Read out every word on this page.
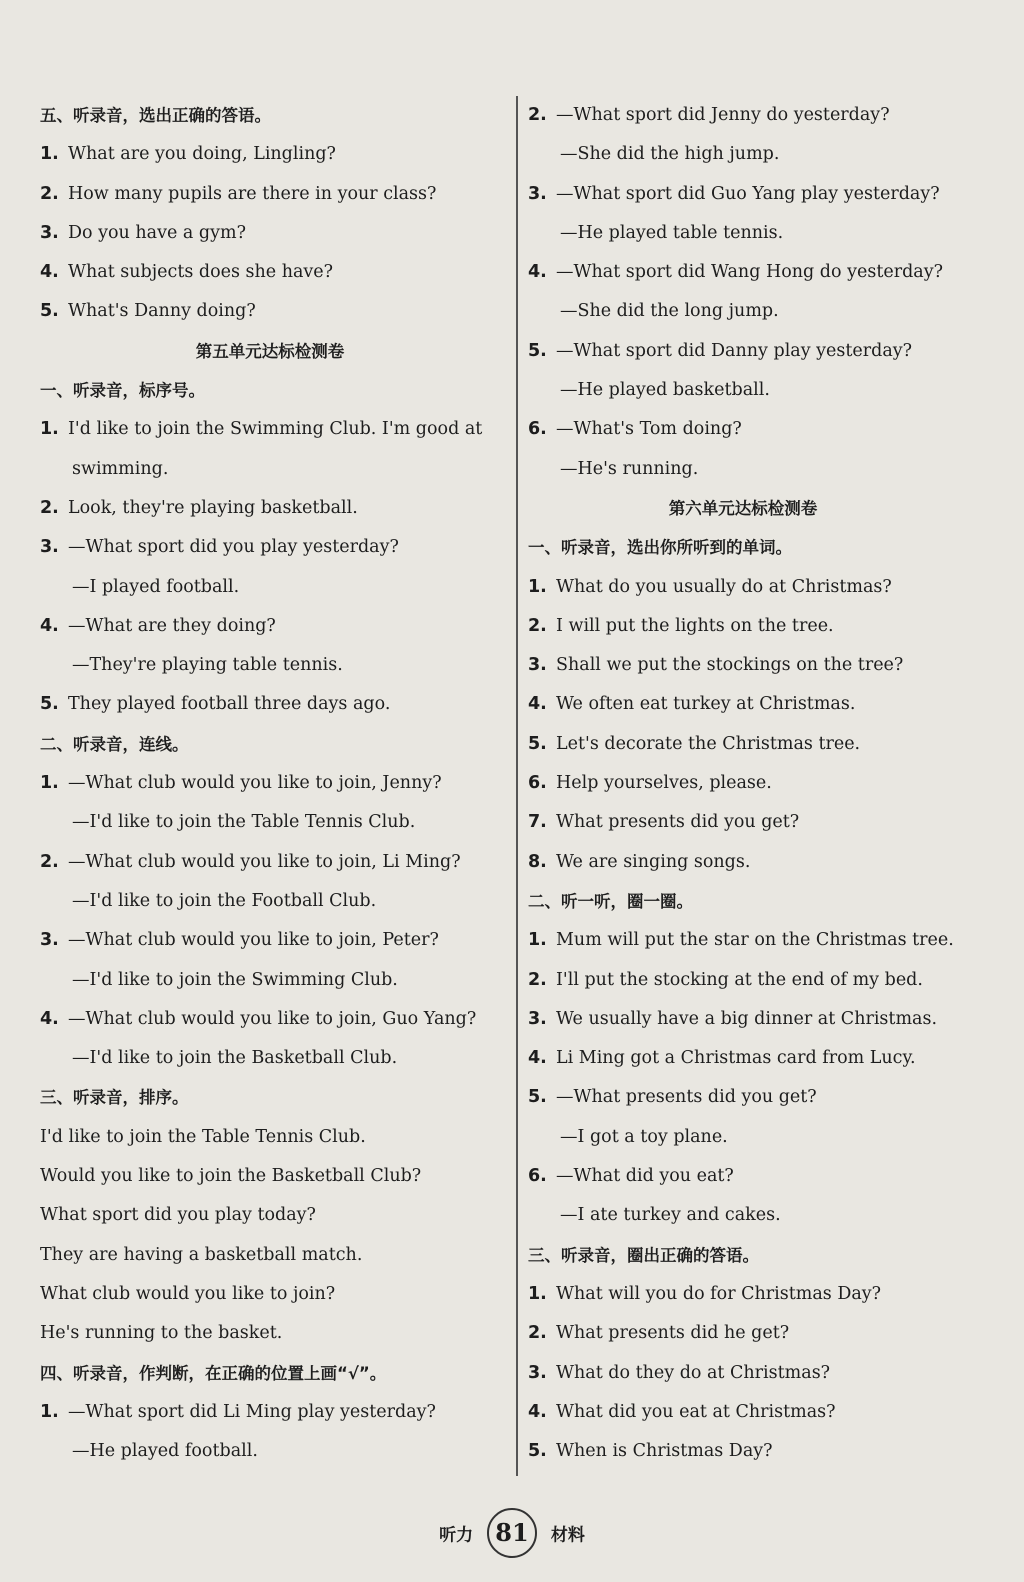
五、听录音，选出正确的答语。
1. What are you doing, Lingling?
2. How many pupils are there in your class?
3. Do you have a gym?
4. What subjects does she have?
5. What's Danny doing?
第五单元达标检测卷
一、听录音，标序号。
1. I'd like to join the Swimming Club. I'm good at
swimming.
2. Look, they're playing basketball.
3. —What sport did you play yesterday?
—I played football.
4. —What are they doing?
—They're playing table tennis.
5. They played football three days ago.
二、听录音，连线。
1. —What club would you like to join, Jenny?
—I'd like to join the Table Tennis Club.
2. —What club would you like to join, Li Ming?
—I'd like to join the Football Club.
3. —What club would you like to join, Peter?
—I'd like to join the Swimming Club.
4. —What club would you like to join, Guo Yang?
—I'd like to join the Basketball Club.
三、听录音，排序。
I'd like to join the Table Tennis Club.
Would you like to join the Basketball Club?
What sport did you play today?
They are having a basketball match.
What club would you like to join?
He's running to the basket.
四、听录音，作判断，在正确的位置上画“√”。
1. —What sport did Li Ming play yesterday?
—He played football.
2. —What sport did Jenny do yesterday?
—She did the high jump.
3. —What sport did Guo Yang play yesterday?
—He played table tennis.
4. —What sport did Wang Hong do yesterday?
—She did the long jump.
5. —What sport did Danny play yesterday?
—He played basketball.
6. —What's Tom doing?
—He's running.
第六单元达标检测卷
一、听录音，选出你所听到的单词。
1. What do you usually do at Christmas?
2. I will put the lights on the tree.
3. Shall we put the stockings on the tree?
4. We often eat turkey at Christmas.
5. Let's decorate the Christmas tree.
6. Help yourselves, please.
7. What presents did you get?
8. We are singing songs.
二、听一听，圈一圈。
1. Mum will put the star on the Christmas tree.
2. I'll put the stocking at the end of my bed.
3. We usually have a big dinner at Christmas.
4. Li Ming got a Christmas card from Lucy.
5. —What presents did you get?
—I got a toy plane.
6. —What did you eat?
—I ate turkey and cakes.
三、听录音，圈出正确的答语。
1. What will you do for Christmas Day?
2. What presents did he get?
3. What do they do at Christmas?
4. What did you eat at Christmas?
5. When is Christmas Day?
听力 81 材料
